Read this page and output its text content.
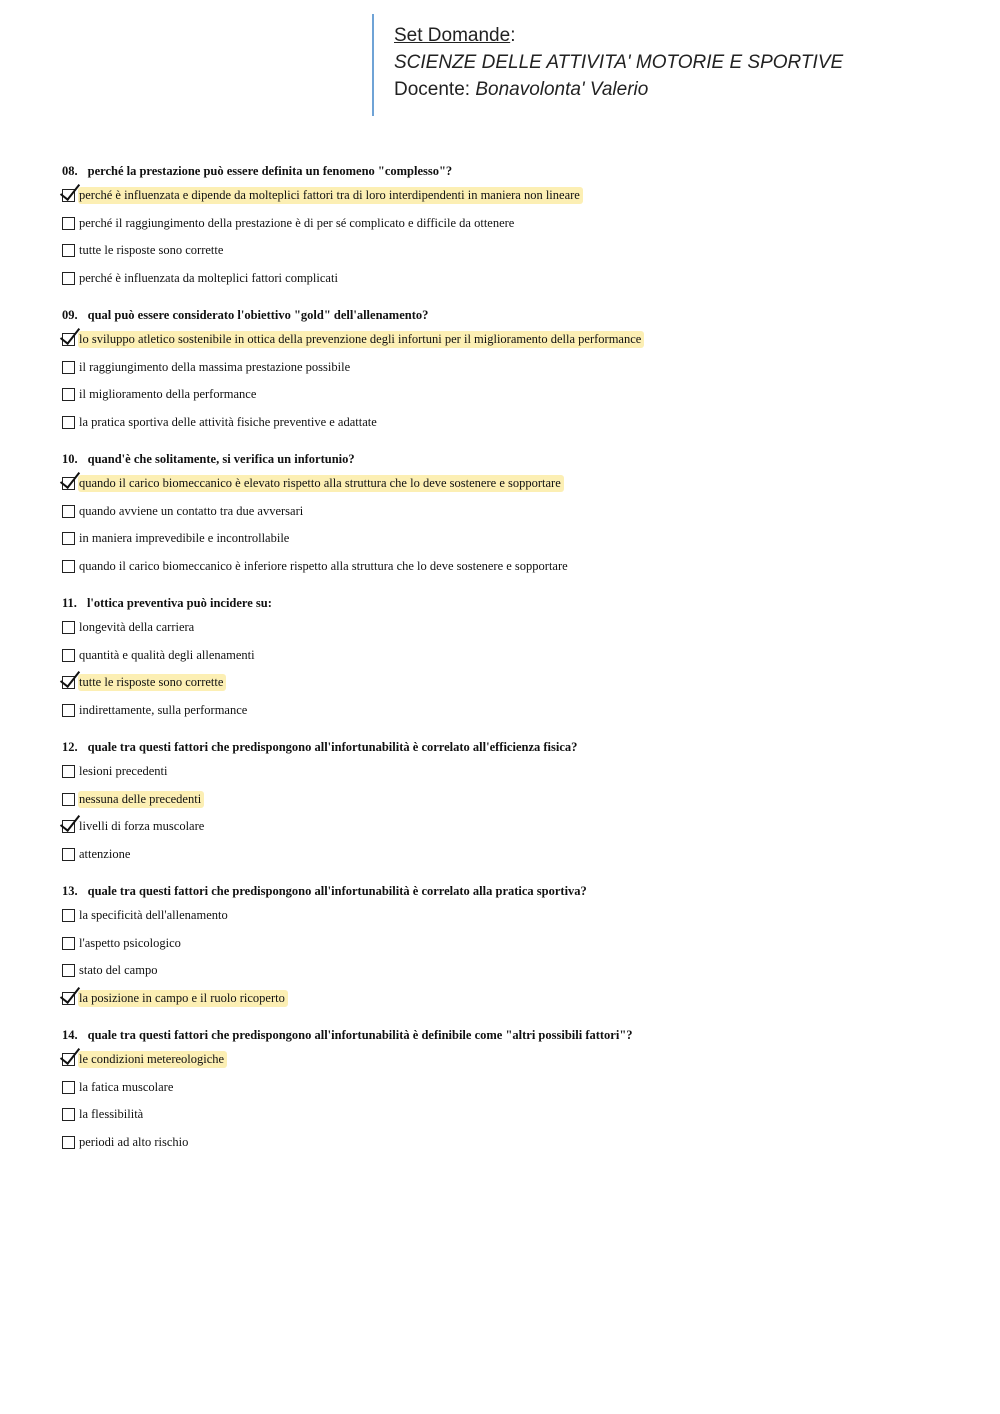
Set Domande:
SCIENZE DELLE ATTIVITA' MOTORIE E SPORTIVE
Docente: Bonavolonta' Valerio
08. perché la prestazione può essere definita un fenomeno "complesso"?
perché è influenzata e dipende da molteplici fattori tra di loro interdipendenti in maniera non lineare
perché il raggiungimento della prestazione è di per sé complicato e difficile da ottenere
tutte le risposte sono corrette
perché è influenzata da molteplici fattori complicati
09. qual può essere considerato l'obiettivo "gold" dell'allenamento?
lo sviluppo atletico sostenibile in ottica della prevenzione degli infortuni per il miglioramento della performance
il raggiungimento della massima prestazione possibile
il miglioramento della performance
la pratica sportiva delle attività fisiche preventive e adattate
10. quand'è che solitamente, si verifica un infortunio?
quando il carico biomeccanico è elevato rispetto alla struttura che lo deve sostenere e sopportare
quando avviene un contatto tra due avversari
in maniera imprevedibile e incontrollabile
quando il carico biomeccanico è inferiore rispetto alla struttura che lo deve sostenere e sopportare
11. l'ottica preventiva può incidere su:
longevità della carriera
quantità e qualità degli allenamenti
tutte le risposte sono corrette
indirettamente, sulla performance
12. quale tra questi fattori che predispongono all'infortunabilità è correlato all'efficienza fisica?
lesioni precedenti
nessuna delle precedenti
livelli di forza muscolare
attenzione
13. quale tra questi fattori che predispongono all'infortunabilità è correlato alla pratica sportiva?
la specificità dell'allenamento
l'aspetto psicologico
stato del campo
la posizione in campo e il ruolo ricoperto
14. quale tra questi fattori che predispongono all'infortunabilità è definibile come "altri possibili fattori"?
le condizioni metereologiche
la fatica muscolare
la flessibilità
periodi ad alto rischio
